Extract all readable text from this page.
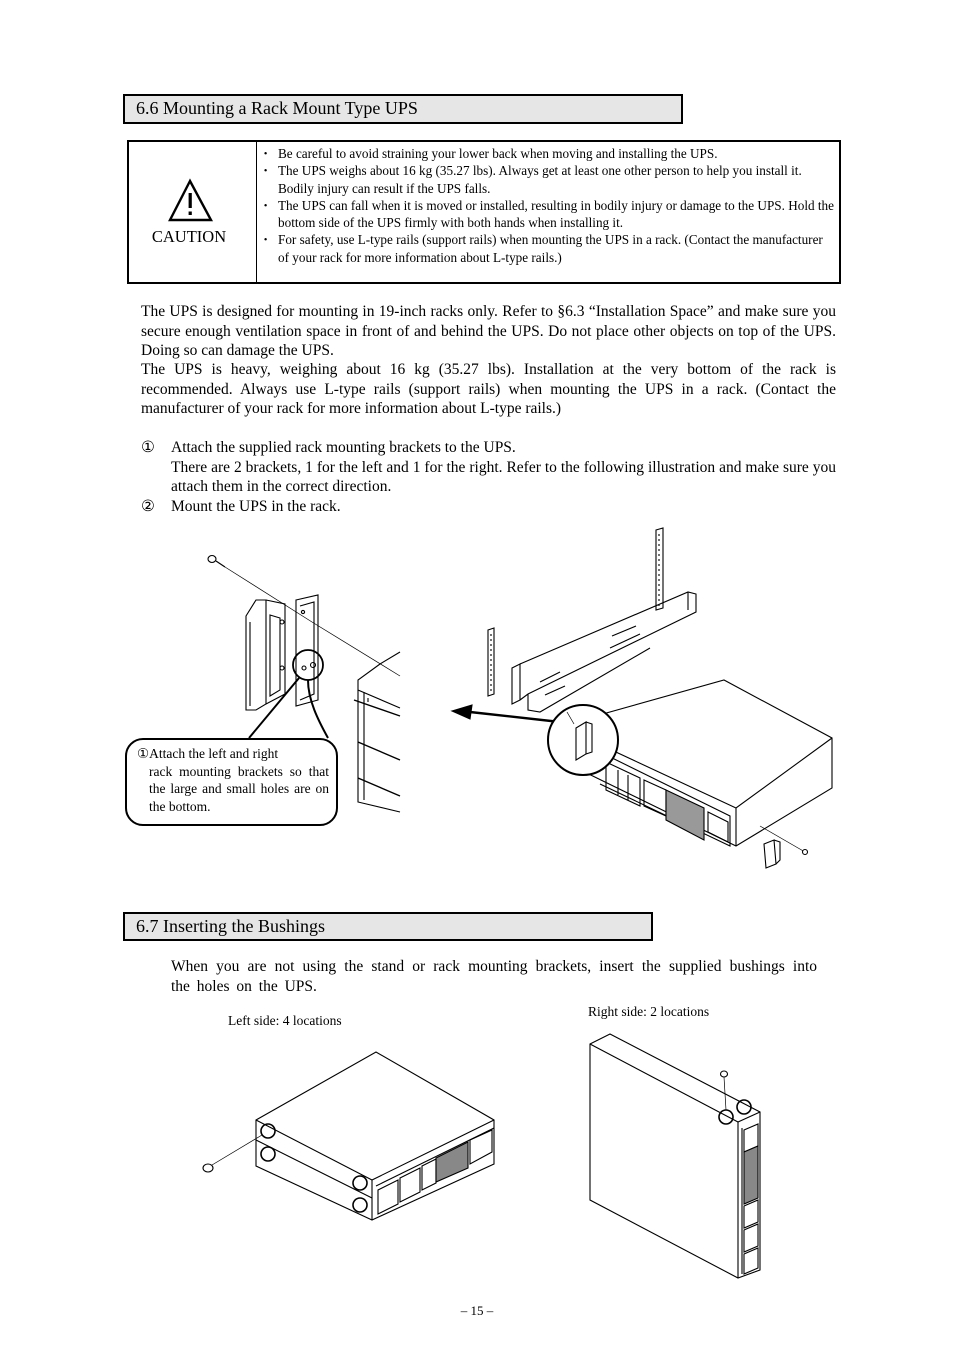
6.6 Mounting a Rack Mount Type UPS
CAUTION
・ Be careful to avoid straining your lower back when moving and installing the UPS.
・ The UPS weighs about 16 kg (35.27 lbs). Always get at least one other person to help you install it. Bodily injury can result if the UPS falls.
・ The UPS can fall when it is moved or installed, resulting in bodily injury or damage to the UPS. Hold the bottom side of the UPS firmly with both hands when installing it.
・ For safety, use L-type rails (support rails) when mounting the UPS in a rack. (Contact the manufacturer of your rack for more information about L-type rails.)
The UPS is designed for mounting in 19-inch racks only. Refer to §6.3 “Installation Space” and make sure you secure enough ventilation space in front of and behind the UPS. Do not place other objects on top of the UPS. Doing so can damage the UPS.
The UPS is heavy, weighing about 16 kg (35.27 lbs). Installation at the very bottom of the rack is recommended. Always use L-type rails (support rails) when mounting the UPS in a rack. (Contact the manufacturer of your rack for more information about L-type rails.)
① Attach the supplied rack mounting brackets to the UPS.
There are 2 brackets, 1 for the left and 1 for the right. Refer to the following illustration and make sure you attach them in the correct direction.
② Mount the UPS in the rack.
①Attach the left and right
rack mounting brackets so that the large and small holes are on the bottom.
6.7 Inserting the Bushings
When you are not using the stand or rack mounting brackets, insert the supplied bushings into the holes on the UPS.
Left side: 4 locations
Right side: 2 locations
– 15 –
